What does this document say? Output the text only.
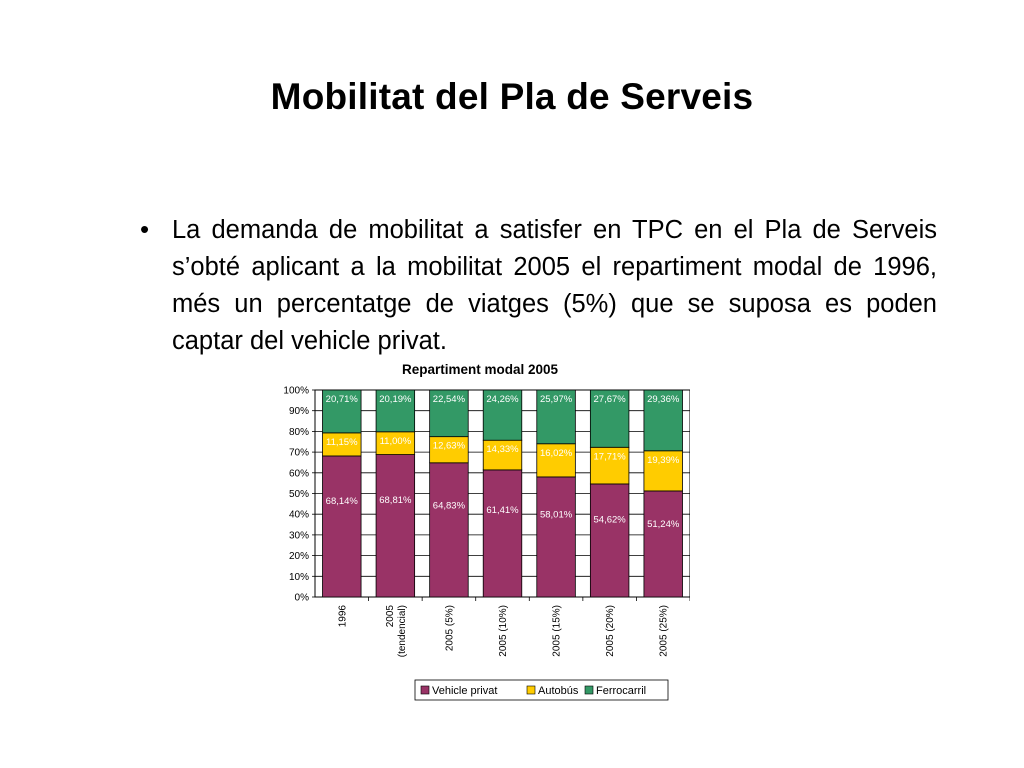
Mobilitat del Pla de Serveis
• La demanda de mobilitat a satisfer en TPC en el Pla de Serveis s’obté aplicant a la mobilitat 2005 el repartiment modal de 1996, més un percentatge de viatges (5%) que se suposa es poden captar del vehicle privat.
Repartiment modal 2005
0%
10%
20%
30%
40%
50%
60%
70%
80%
90%
100%
68,14%
11,15%
20,71%
68,81%
11,00%
20,19%
64,83%
12,63%
22,54%
61,41%
14,33%
24,26%
58,01%
16,02%
25,97%
54,62%
17,71%
27,67%
51,24%
19,39%
29,36%
1996	2005 (tendencial)	2005 (5%)	2005 (10%)	2005 (15%)	2005 (20%)	2005 (25%)
Vehicle privat	Autobús Ferrocarril
